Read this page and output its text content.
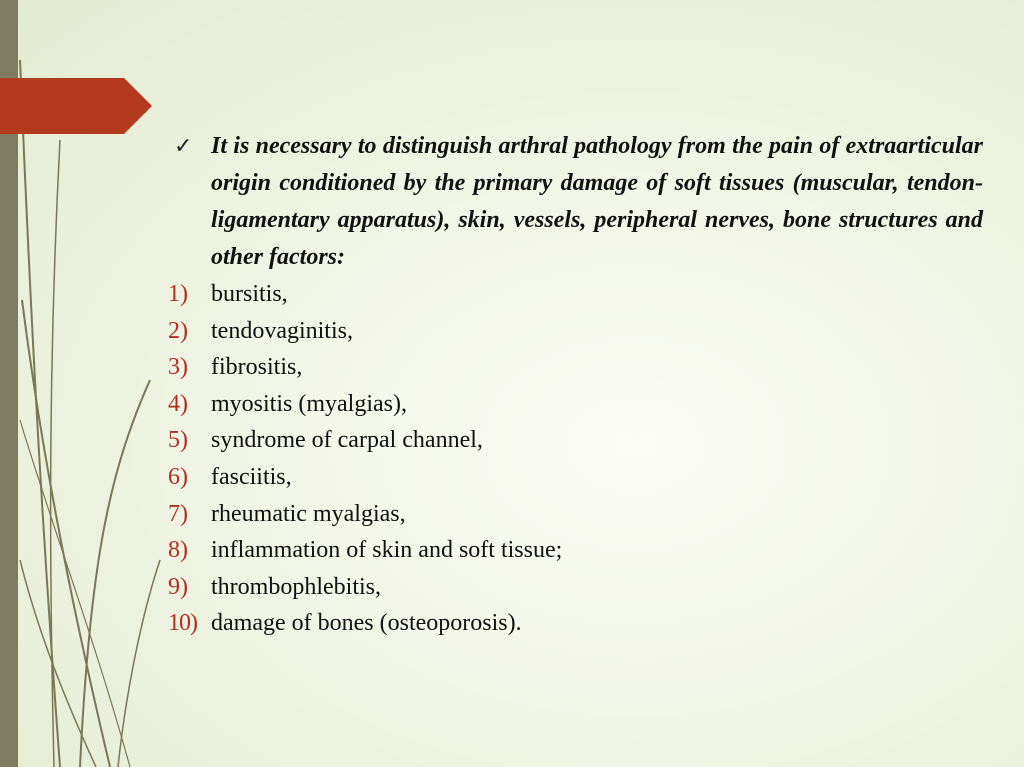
✓ It is necessary to distinguish arthral pathology from the pain of extraarticular origin conditioned by the primary damage of soft tissues (muscular, tendon-ligamentary apparatus), skin, vessels, peripheral nerves, bone structures and other factors:
1) bursitis,
2) tendovaginitis,
3) fibrositis,
4) myositis (myalgias),
5) syndrome of carpal channel,
6) fasciitis,
7) rheumatic myalgias,
8) inflammation of skin and soft tissue;
9) thrombophlebitis,
10) damage of bones (osteoporosis).
